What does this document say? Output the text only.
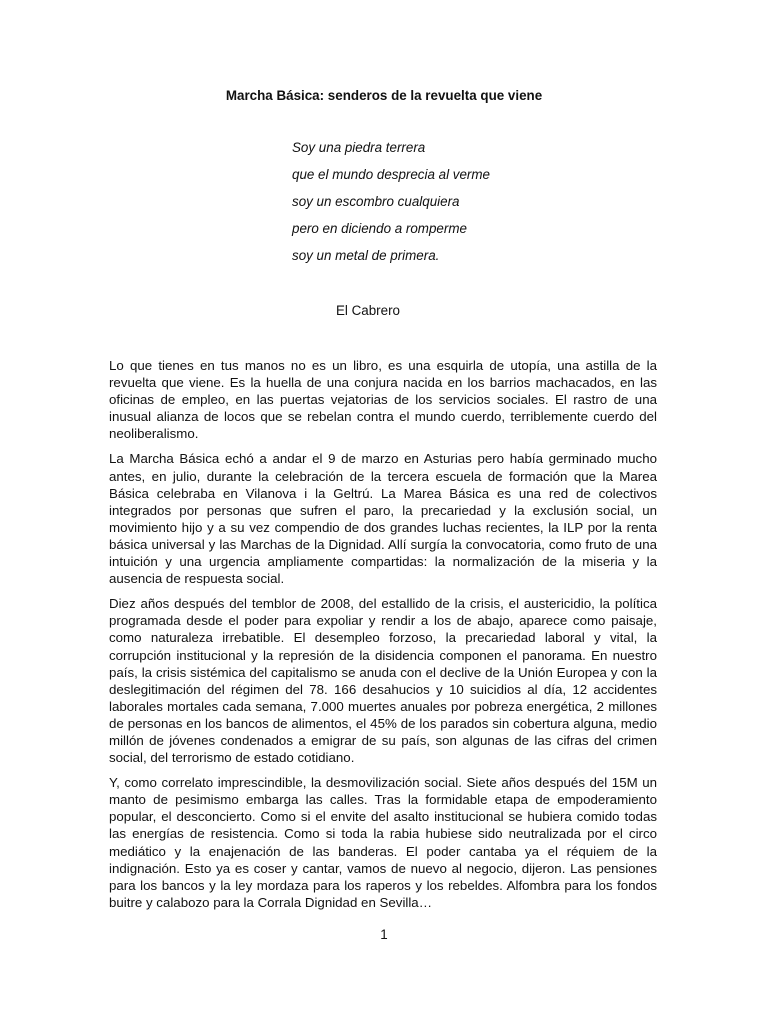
Marcha Básica: senderos de la revuelta que viene
Soy una piedra terrera
que el mundo desprecia al verme
soy un escombro cualquiera
pero en diciendo a romperme
soy un metal de primera.
El Cabrero

Lo que tienes en tus manos no es un libro, es una esquirla de utopía, una astilla de la revuelta que viene. Es la huella de una conjura nacida en los barrios machacados, en las oficinas de empleo, en las puertas vejatorias de los servicios sociales. El rastro de una inusual alianza de locos que se rebelan contra el mundo cuerdo, terriblemente cuerdo del neoliberalismo.

La Marcha Básica echó a andar el 9 de marzo en Asturias pero había germinado mucho antes, en julio, durante la celebración de la tercera escuela de formación que la Marea Básica celebraba en Vilanova i la Geltrú. La Marea Básica es una red de colectivos integrados por personas que sufren el paro, la precariedad y la exclusión social, un movimiento hijo y a su vez compendio de dos grandes luchas recientes, la ILP por la renta básica universal y las Marchas de la Dignidad. Allí surgía la convocatoria, como fruto de una intuición y una urgencia ampliamente compartidas: la normalización de la miseria y la ausencia de respuesta social.

Diez años después del temblor de 2008, del estallido de la crisis, el austericidio, la política programada desde el poder para expoliar y rendir a los de abajo, aparece como paisaje, como naturaleza irrebatible. El desempleo forzoso, la precariedad laboral y vital, la corrupción institucional y la represión de la disidencia componen el panorama. En nuestro país, la crisis sistémica del capitalismo se anuda con el declive de la Unión Europea y con la deslegitimación del régimen del 78. 166 desahucios y 10 suicidios al día, 12 accidentes laborales mortales cada semana, 7.000 muertes anuales por pobreza energética, 2 millones de personas en los bancos de alimentos, el 45% de los parados sin cobertura alguna, medio millón de jóvenes condenados a emigrar de su país, son algunas de las cifras del crimen social, del terrorismo de estado cotidiano.

Y, como correlato imprescindible, la desmovilización social. Siete años después del 15M un manto de pesimismo embarga las calles. Tras la formidable etapa de empoderamiento popular, el desconcierto. Como si el envite del asalto institucional se hubiera comido todas las energías de resistencia. Como si toda la rabia hubiese sido neutralizada por el circo mediático y la enajenación de las banderas. El poder cantaba ya el réquiem de la indignación. Esto ya es coser y cantar, vamos de nuevo al negocio, dijeron. Las pensiones para los bancos y la ley mordaza para los raperos y los rebeldes. Alfombra para los fondos buitre y calabozo para la Corrala Dignidad en Sevilla…

1
